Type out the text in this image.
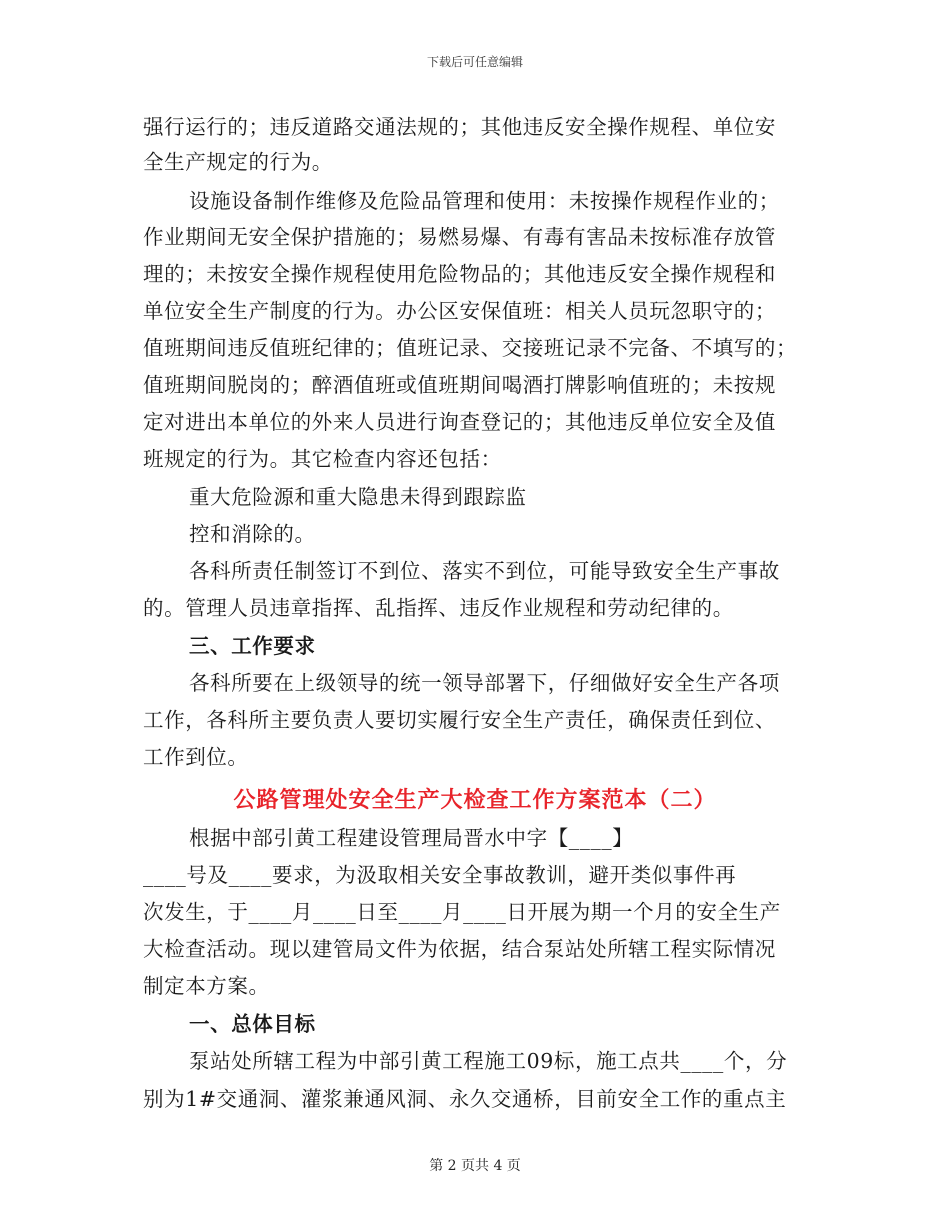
下载后可任意编辑
强行运行的；违反道路交通法规的；其他违反安全操作规程、单位安
全生产规定的行为。
设施设备制作维修及危险品管理和使用：未按操作规程作业的；
作业期间无安全保护措施的；易燃易爆、有毒有害品未按标准存放管
理的；未按安全操作规程使用危险物品的；其他违反安全操作规程和
单位安全生产制度的行为。办公区安保值班：相关人员玩忽职守的；
值班期间违反值班纪律的；值班记录、交接班记录不完备、不填写的；
值班期间脱岗的；醉酒值班或值班期间喝酒打牌影响值班的；未按规
定对进出本单位的外来人员进行询查登记的；其他违反单位安全及值
班规定的行为。其它检查内容还包括：
重大危险源和重大隐患未得到跟踪监
控和消除的。
各科所责任制签订不到位、落实不到位，可能导致安全生产事故
的。管理人员违章指挥、乱指挥、违反作业规程和劳动纪律的。
三、工作要求
各科所要在上级领导的统一领导部署下，仔细做好安全生产各项
工作，各科所主要负责人要切实履行安全生产责任，确保责任到位、
工作到位。
公路管理处安全生产大检查工作方案范本（二）
根据中部引黄工程建设管理局晋水中字【____】
____号及____要求，为汲取相关安全事故教训，避开类似事件再
次发生，于____月____日至____月____日开展为期一个月的安全生产
大检查活动。现以建管局文件为依据，结合泵站处所辖工程实际情况
制定本方案。
一、总体目标
泵站处所辖工程为中部引黄工程施工09标，施工点共____个，分
别为1#交通洞、灌浆兼通风洞、永久交通桥，目前安全工作的重点主
第 2 页共 4 页
